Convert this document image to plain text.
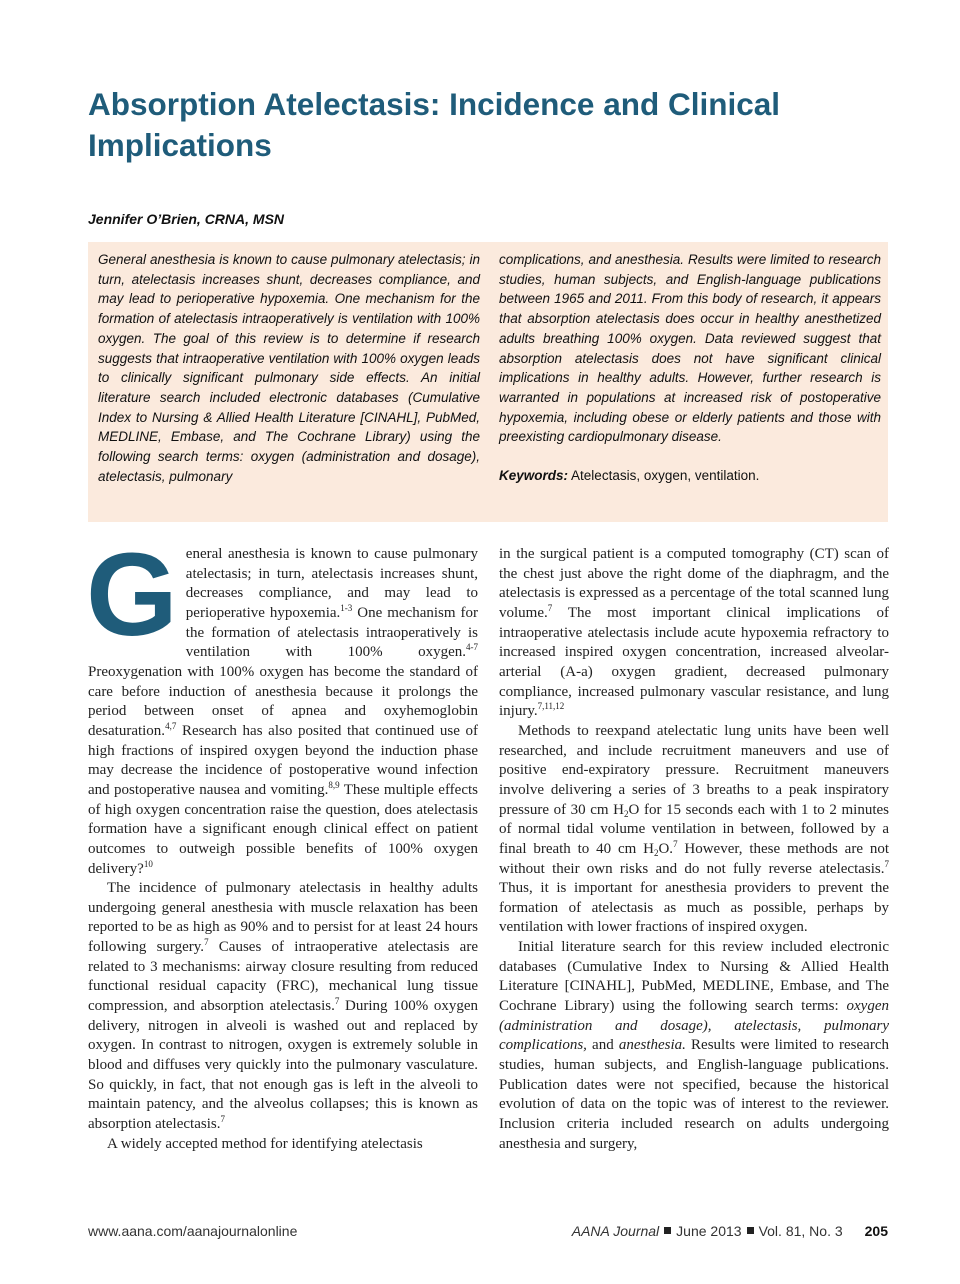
Absorption Atelectasis: Incidence and Clinical Implications
Jennifer O’Brien, CRNA, MSN

General anesthesia is known to cause pulmonary atelectasis; in turn, atelectasis increases shunt, decreases compliance, and may lead to perioperative hypoxemia. One mechanism for the formation of atelectasis intraoperatively is ventilation with 100% oxygen. The goal of this review is to determine if research suggests that intraoperative ventilation with 100% oxygen leads to clinically significant pulmonary side effects. An initial literature search included electronic databases (Cumulative Index to Nursing & Allied Health Literature [CINAHL], PubMed, MEDLINE, Embase, and The Cochrane Library) using the following search terms: oxygen (administration and dosage), atelectasis, pulmonary

complications, and anesthesia. Results were limited to research studies, human subjects, and English-language publications between 1965 and 2011. From this body of research, it appears that absorption atelectasis does occur in healthy anesthetized adults breathing 100% oxygen. Data reviewed suggest that absorption atelectasis does not have significant clinical implications in healthy adults. However, further research is warranted in populations at increased risk of postoperative hypoxemia, including obese or elderly patients and those with preexisting cardiopulmonary disease.

Keywords: Atelectasis, oxygen, ventilation.

General anesthesia is known to cause pulmonary atelectasis; in turn, atelectasis increases shunt, decreases compliance, and may lead to perioperative hypoxemia.$^{1-3}$ One mechanism for the formation of atelectasis intraoperatively is ventilation with 100% oxygen.$^{4-7}$ Preoxygenation with 100% oxygen has become the standard of care before induction of anesthesia because it prolongs the period between onset of apnea and oxyhemoglobin desaturation.$^{4,7}$ Research has also posited that continued use of high fractions of inspired oxygen beyond the induction phase may decrease the incidence of postoperative wound infection and postoperative nausea and vomiting.$^{8,9}$ These multiple effects of high oxygen concentration raise the question, does atelectasis formation have a significant enough clinical effect on patient outcomes to outweigh possible benefits of 100% oxygen delivery?$^{10}$

The incidence of pulmonary atelectasis in healthy adults undergoing general anesthesia with muscle relaxation has been reported to be as high as 90% and to persist for at least 24 hours following surgery.$^7$ Causes of intraoperative atelectasis are related to 3 mechanisms: airway closure resulting from reduced functional residual capacity (FRC), mechanical lung tissue compression, and absorption atelectasis.$^7$ During 100% oxygen delivery, nitrogen in alveoli is washed out and replaced by oxygen. In contrast to nitrogen, oxygen is extremely soluble in blood and diffuses very quickly into the pulmonary vasculature. So quickly, in fact, that not enough gas is left in the alveoli to maintain patency, and the alveolus collapses; this is known as absorption atelectasis.$^7$

A widely accepted method for identifying atelectasis

in the surgical patient is a computed tomography (CT) scan of the chest just above the right dome of the diaphragm, and the atelectasis is expressed as a percentage of the total scanned lung volume.$^7$ The most important clinical implications of intraoperative atelectasis include acute hypoxemia refractory to increased inspired oxygen concentration, increased alveolar-arterial (A-a) oxygen gradient, decreased pulmonary compliance, increased pulmonary vascular resistance, and lung injury.$^{7,11,12}$

Methods to reexpand atelectatic lung units have been well researched, and include recruitment maneuvers and use of positive end-expiratory pressure. Recruitment maneuvers involve delivering a series of 3 breaths to a peak inspiratory pressure of 30 cm $H_2O$ for 15 seconds each with 1 to 2 minutes of normal tidal volume ventilation in between, followed by a final breath to 40 cm $H_2O.^7$ However, these methods are not without their own risks and do not fully reverse atelectasis.$^7$ Thus, it is important for anesthesia providers to prevent the formation of atelectasis as much as possible, perhaps by ventilation with lower fractions of inspired oxygen.

Initial literature search for this review included electronic databases (Cumulative Index to Nursing & Allied Health Literature [CINAHL], PubMed, MEDLINE, Embase, and The Cochrane Library) using the following search terms: oxygen (administration and dosage), atelectasis, pulmonary complications, and anesthesia. Results were limited to research studies, human subjects, and English-language publications. Publication dates were not specified, because the historical evolution of data on the topic was of interest to the reviewer. Inclusion criteria included research on adults undergoing anesthesia and surgery,

www.aana.com/aanajournalonline	AANA Journal June 2013 Vol. 81, No. 3 205
